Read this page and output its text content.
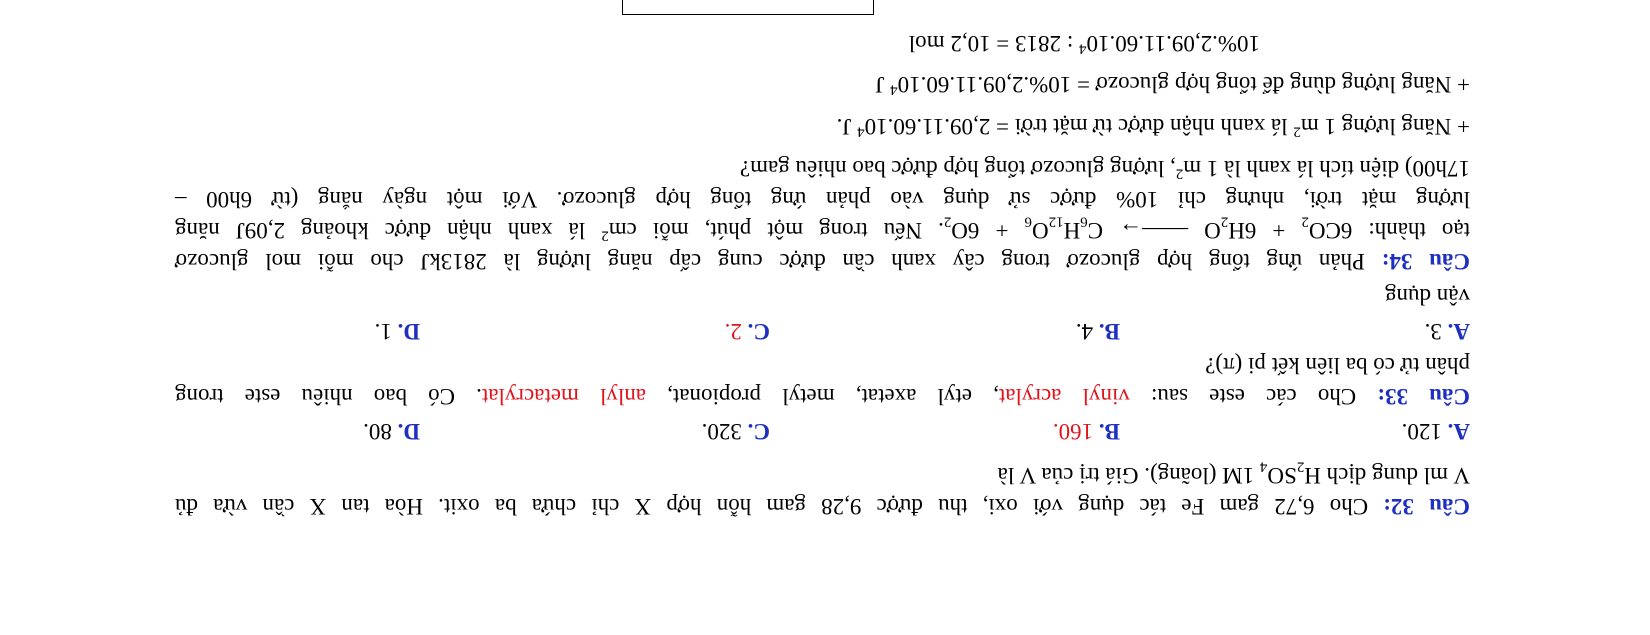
Câu 32: Cho 6,72 gam Fe tác dụng với oxi, thu được 9,28 gam hỗn hợp X chỉ chứa ba oxit. Hòa tan X cần vừa đủ
V ml dung dịch $H_2SO_4$ 1M (loãng). Giá trị của V là
A. 120.
B. 160.
C. 320.
D. 80.
Câu 33: Cho các este sau: vinyl acrylat, etyl axetat, metyl propionat, anlyl metacrylat. Có bao nhiêu este trong
phân tử có ba liên kết pi (π)?
A. 3.
B. 4.
C. 2.
D. 1.
vận dụng
Câu 34: Phản ứng tổng hợp glucozơ trong cây xanh cần được cung cấp năng lượng là 2813kJ cho mỗi mol glucozơ
tạo thành: $6CO_2 + 6H_2O$ ——→ $C_6H_{12}O_6 + 6O_2$. Nếu trong một phút, mỗi $cm^2$ lá xanh nhận được khoảng 2,09J năng
lượng mặt trời, nhưng chỉ 10% được sử dụng vào phản ứng tổng hợp glucozơ. Với một ngày nắng (từ 6h00 –
17h00) diện tích lá xanh là 1 $m^2$, lượng glucozơ tổng hợp được bao nhiêu gam?
+ Năng lượng 1 $m^2$ lá xanh nhận được từ mặt trời = $2,09.11.60.10^4$ J.
+ Năng lượng dùng để tổng hợp glucozơ = $10\%.2,09.11.60.10^4$ J
10%.2,09.11.60.10$^4$ : 2813 = 10,2 mol
